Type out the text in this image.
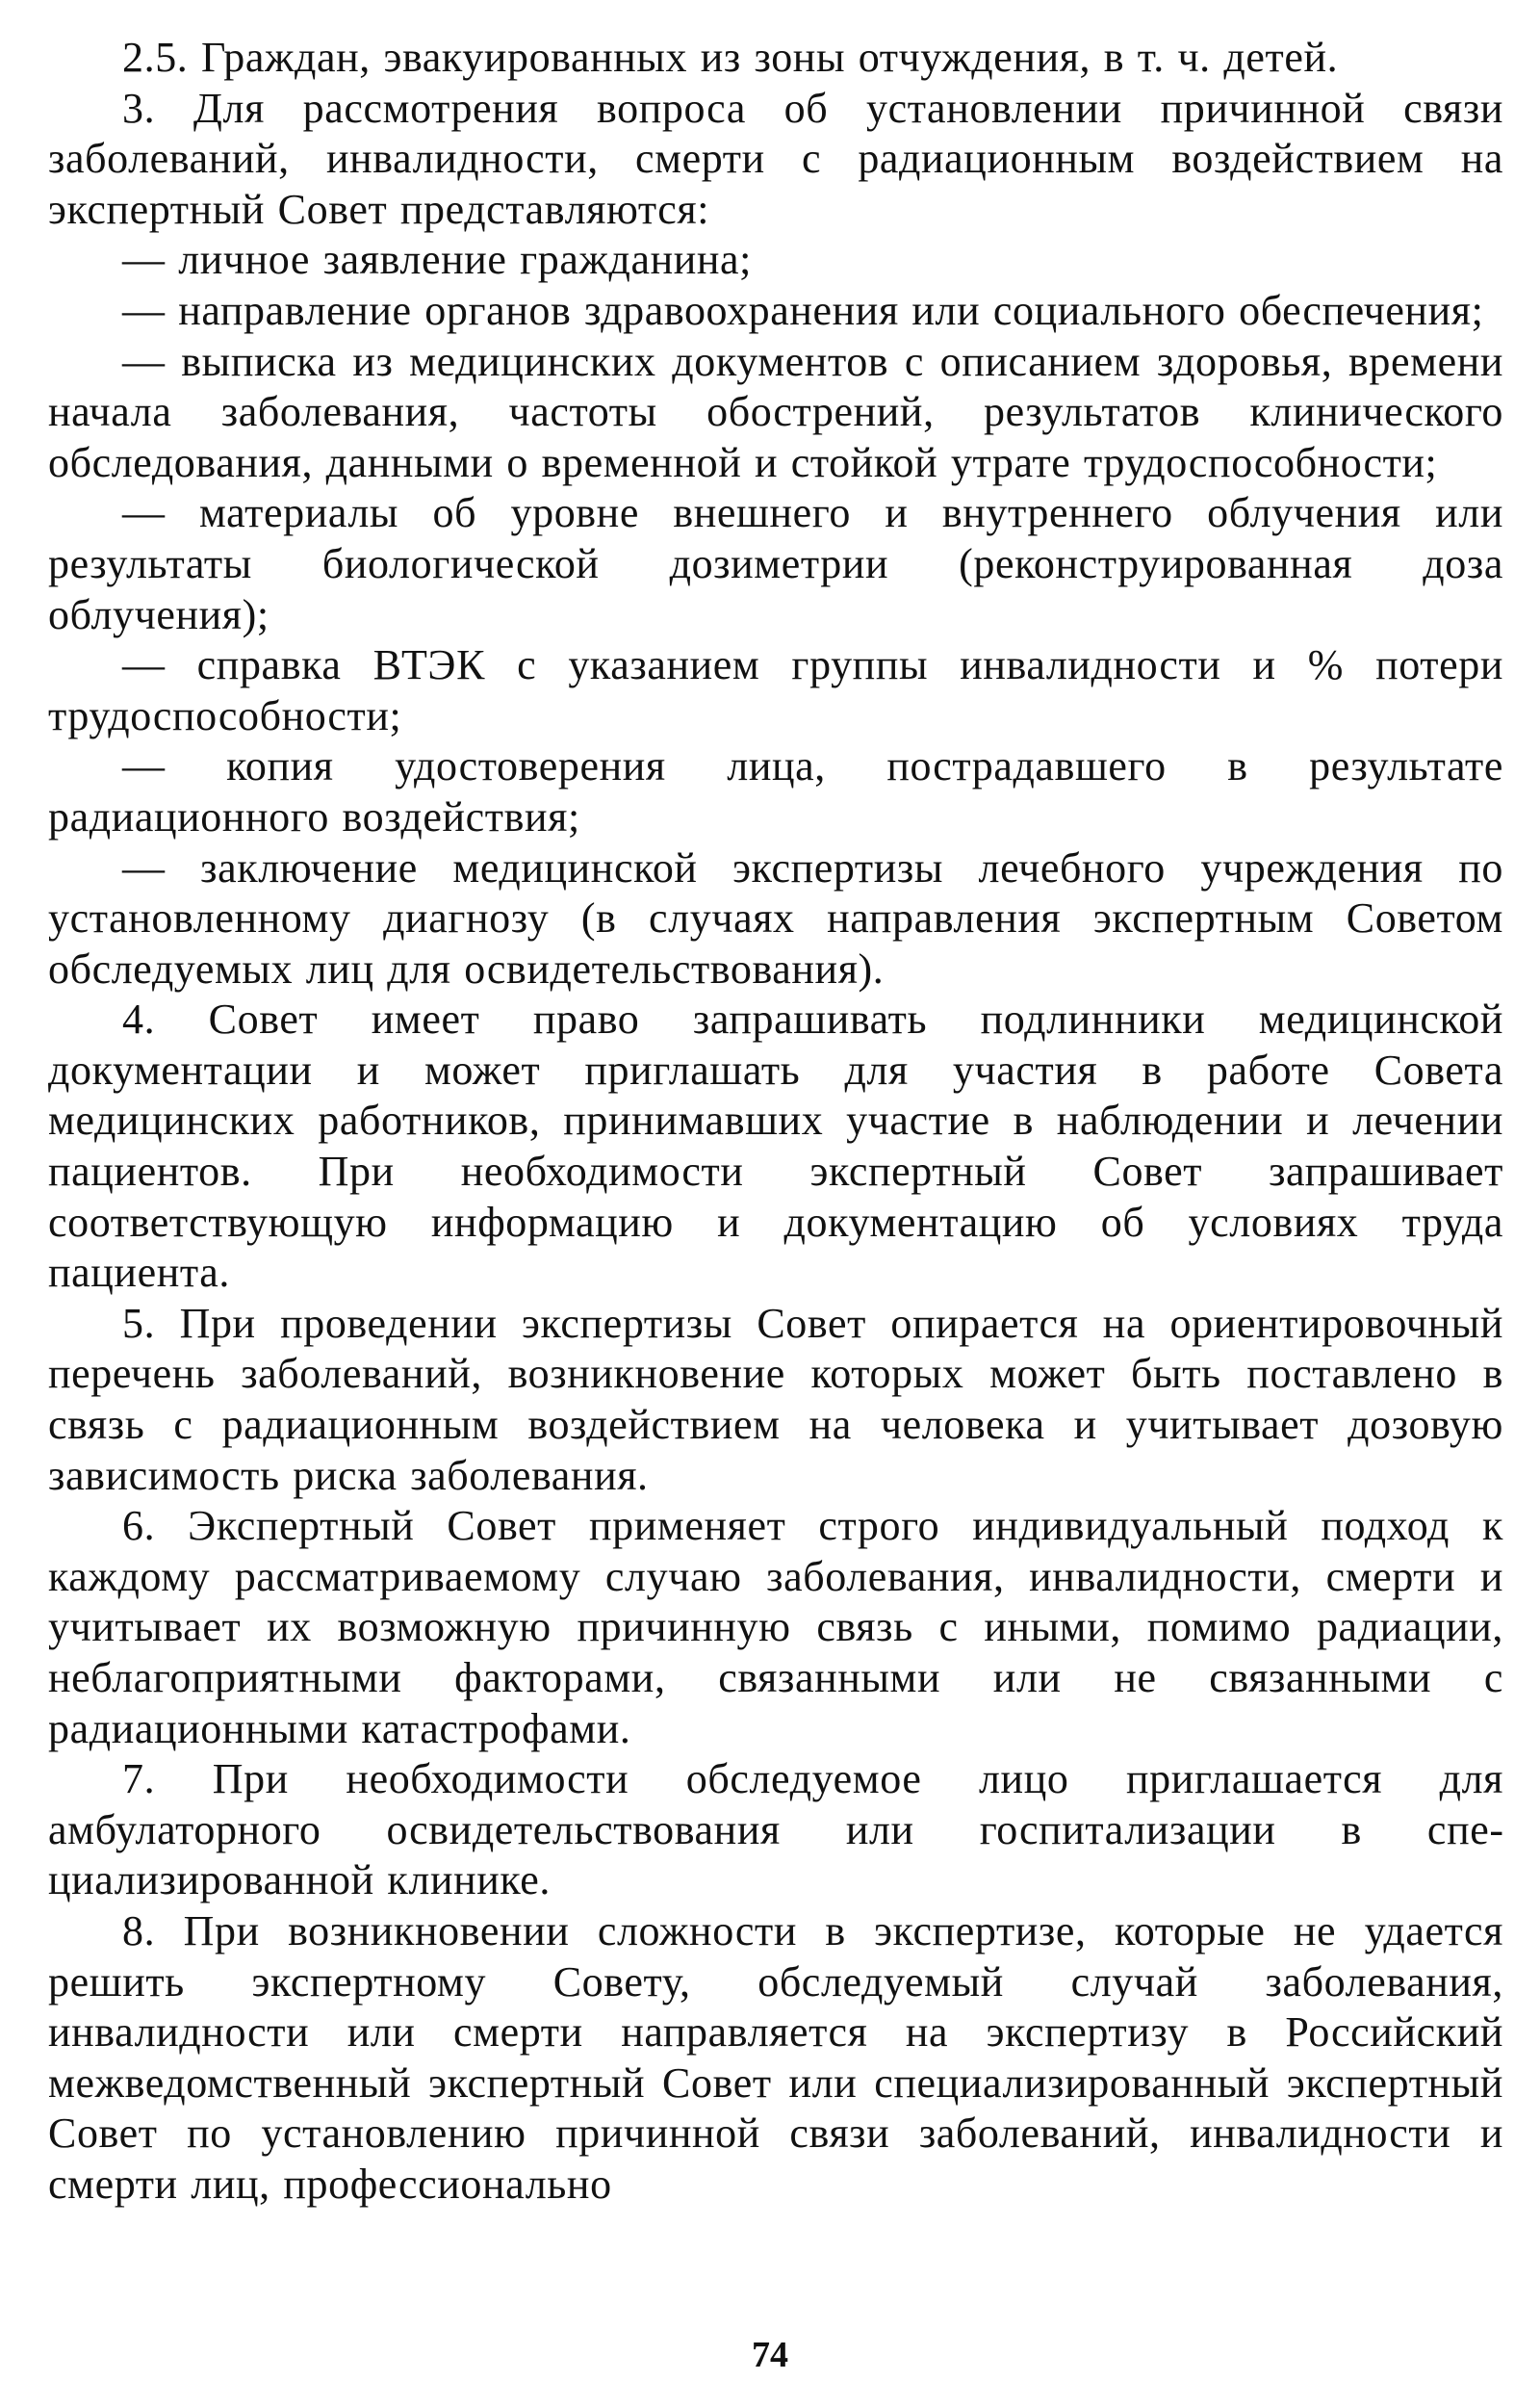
2.5. Граждан, эвакуированных из зоны отчуждения, в т. ч. детей.

3. Для рассмотрения вопроса об установлении причинной связи заболеваний, инвалидности, смерти с радиационным воздействием на экспертный Совет представляются:

— личное заявление гражданина;

— направление органов здравоохранения или социального обеспечения;

— выписка из медицинских документов с описанием здоровья, времени начала заболевания, частоты обострений, результатов клинического обследования, данными о временной и стойкой утрате трудоспособности;

— материалы об уровне внешнего и внутреннего облучения или результаты биологической дозиметрии (реконструированная доза облучения);

— справка ВТЭК с указанием группы инвалидности и % потери трудоспособности;

— копия удостоверения лица, пострадавшего в результате радиационного воздействия;

— заключение медицинской экспертизы лечебного учреждения по установленному диагнозу (в случаях направления экспертным Советом обследуемых лиц для освидетельствования).

4. Совет имеет право запрашивать подлинники медицинской документации и может приглашать для участия в работе Совета медицинских работников, принимавших участие в наблюдении и лечении пациентов. При необходимости экспертный Совет запрашивает соответствующую информацию и документацию об условиях труда пациента.

5. При проведении экспертизы Совет опирается на ориентировочный перечень заболеваний, возникновение которых может быть поставлено в связь с радиационным воздействием на человека и учитывает дозовую зависимость риска заболевания.

6. Экспертный Совет применяет строго индивидуальный подход к каждому рассматриваемому случаю заболевания, инвалидности, смерти и учитывает их возможную причинную связь с иными, помимо радиации, неблагоприятными факторами, связанными или не связанными с радиационными катастрофами.

7. При необходимости обследуемое лицо приглашается для амбулаторного освидетельствования или госпитализации в специализированной клинике.

8. При возникновении сложности в экспертизе, которые не удается решить экспертному Совету, обследуемый случай заболевания, инвалидности или смерти направляется на экспертизу в Российский межведомственный экспертный Совет или специализированный экспертный Совет по установлению причинной связи заболеваний, инвалидности и смерти лиц, профессионально

74
